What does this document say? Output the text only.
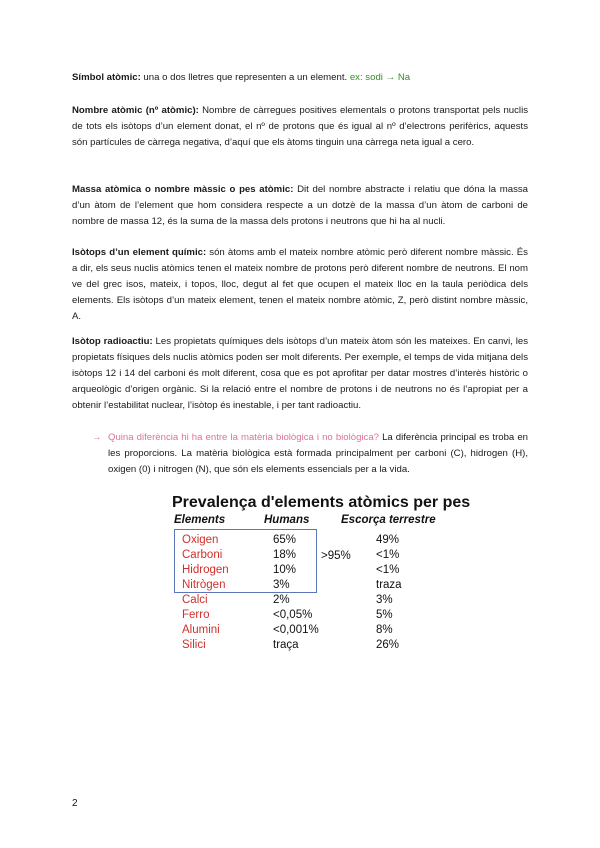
Símbol atòmic: una o dos lletres que representen a un element. ex: sodi → Na

Nombre atòmic (nº atòmic): Nombre de càrregues positives elementals o protons transportat pels nuclis de tots els isòtops d’un element donat, el nº de protons que és igual al nº d’electrons perifèrics, aquests són partícules de càrrega negativa, d’aquí que els àtoms tinguin una càrrega neta igual a cero.

Massa atòmica o nombre màssic o pes atòmic: Dit del nombre abstracte i relatiu que dóna la massa d’un àtom de l’element que hom considera respecte a un dotzè de la massa d’un àtom de carboni de nombre de massa 12, és la suma de la massa dels protons i neutrons que hi ha al nucli.

Isòtops d’un element químic: són àtoms amb el mateix nombre atòmic però diferent nombre màssic. És a dir, els seus nuclis atòmics tenen el mateix nombre de protons però diferent nombre de neutrons. El nom ve del grec isos, mateix, i topos, lloc, degut al fet que ocupen el mateix lloc en la taula periòdica dels elements. Els isòtops d’un mateix element, tenen el mateix nombre atòmic, Z, però distint nombre màssic, A.

Isòtop radioactiu: Les propietats químiques dels isòtops d’un mateix àtom són les mateixes. En canvi, les propietats físiques dels nuclis atòmics poden ser molt diferents. Per exemple, el temps de vida mitjana dels isòtops 12 i 14 del carboni és molt diferent, cosa que es pot aprofitar per datar mostres d’interès històric o arqueològic d’origen orgànic. Si la relació entre el nombre de protons i de neutrons no és l’apropiat per a obtenir l’estabilitat nuclear, l’isòtop és inestable, i per tant radioactiu.

→ Quina diferència hi ha entre la matèria biològica i no biològica? La diferència principal es troba en les proporcions. La matèria biològica està formada principalment per carboni (C), hidrogen (H), oxigen (0) i nitrogen (N), que són els elements essencials per a la vida.

Prevalença d'elements atòmics per pes
Elements	Humans	Escorça terrestre
>95%
Oxigen	65%	49%
Carboni	18%	<1%
Hidrogen	10%	<1%
Nitrògen	3%	traza
Calci	2%	3%
Ferro	<0,05%	5%
Alumini	<0,001%	8%
Silici	traça	26%
2
